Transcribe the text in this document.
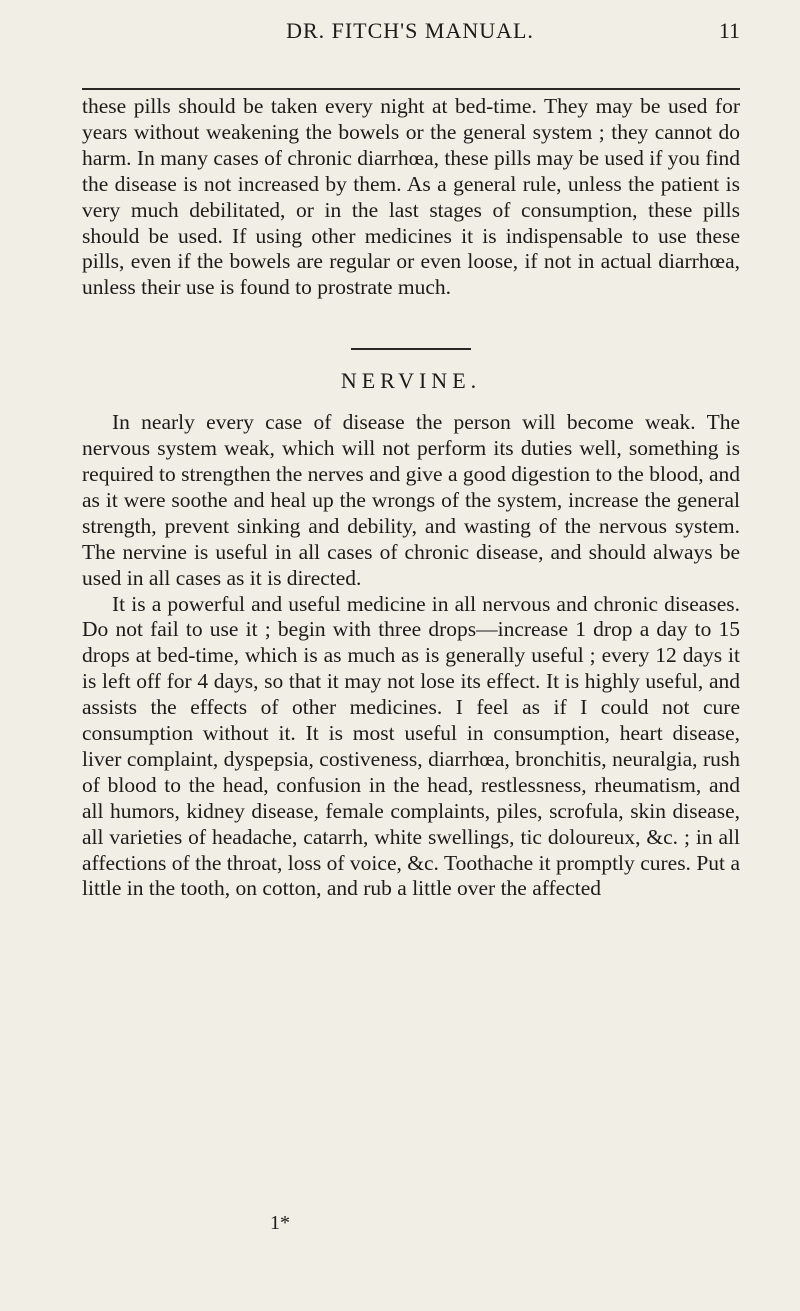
DR. FITCH'S MANUAL.	11

these pills should be taken every night at bed-time. They may be used for years without weakening the bowels or the general system ; they cannot do harm. In many cases of chronic diarrhœa, these pills may be used if you find the disease is not increased by them. As a general rule, unless the patient is very much debilitated, or in the last stages of consumption, these pills should be used. If using other medicines it is indispensable to use these pills, even if the bowels are regular or even loose, if not in actual diarrhœa, unless their use is found to prostrate much.

NERVINE.

In nearly every case of disease the person will become weak. The nervous system weak, which will not perform its duties well, something is required to strengthen the nerves and give a good digestion to the blood, and as it were soothe and heal up the wrongs of the system, increase the general strength, prevent sinking and debility, and wasting of the nervous system. The nervine is useful in all cases of chronic disease, and should always be used in all cases as it is directed.

It is a powerful and useful medicine in all nervous and chronic diseases. Do not fail to use it ; begin with three drops—increase 1 drop a day to 15 drops at bed-time, which is as much as is generally useful ; every 12 days it is left off for 4 days, so that it may not lose its effect. It is highly useful, and assists the effects of other medicines. I feel as if I could not cure consumption without it. It is most useful in consumption, heart disease, liver complaint, dyspepsia, costiveness, diarrhœa, bronchitis, neuralgia, rush of blood to the head, confusion in the head, restlessness, rheumatism, and all humors, kidney disease, female complaints, piles, scrofula, skin disease, all varieties of headache, catarrh, white swellings, tic doloureux, &c. ; in all affections of the throat, loss of voice, &c. Toothache it promptly cures. Put a little in the tooth, on cotton, and rub a little over the affected

1*
